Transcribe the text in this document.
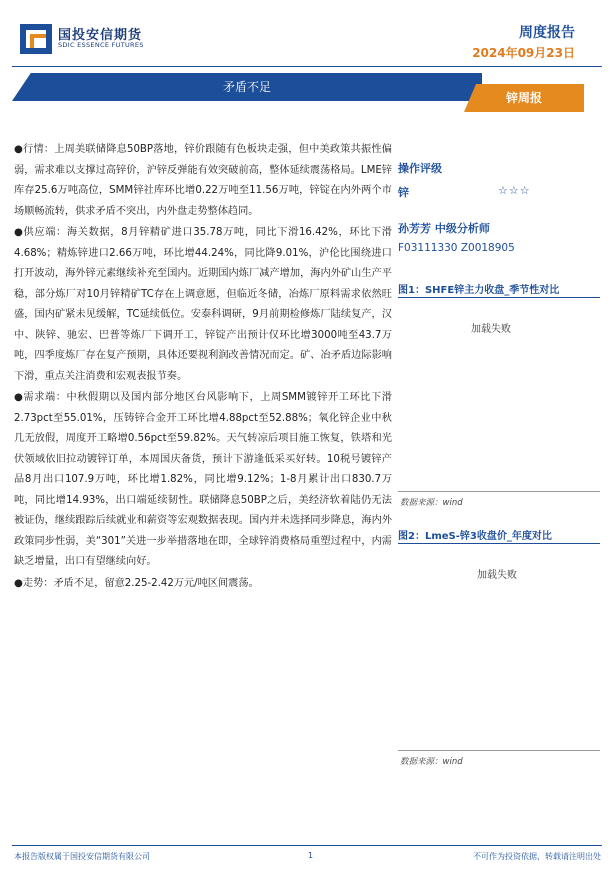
国投安信期货
SDIC ESSENCE FUTURES
周度报告
2024年09月23日
矛盾不足
锌周报

●行情：上周美联储降息50BP落地，锌价跟随有色板块走强，但中美政策共振性偏弱，需求难以支撑过高锌价，沪锌反弹能有效突破前高，整体延续震荡格局。LME锌库存25.6万吨高位，SMM锌社库环比增0.22万吨至11.56万吨，锌锭在内外两个市场顺畅流转，供求矛盾不突出，内外盘走势整体趋同。

●供应端：海关数据，8月锌精矿进口35.78万吨，同比下滑16.42%，环比下滑4.68%；精炼锌进口2.66万吨，环比增44.24%，同比降9.01%，沪伦比围绕进口打开波动，海外锌元素继续补充至国内。近期国内炼厂减产增加，海内外矿山生产平稳，部分炼厂对10月锌精矿TC存在上调意愿，但临近冬储，冶炼厂原料需求依然旺盛，国内矿紧未见缓解，TC延续低位。安泰科调研，9月前期检修炼厂陆续复产，汉中、陕锌、驰宏、巴普等炼厂下调开工，锌锭产出预计仅环比增3000吨至43.7万吨，四季度炼厂存在复产预期，具体还要视利润改善情况而定。矿、冶矛盾边际影响下滑，重点关注消费和宏观表报节奏。

●需求端：中秋假期以及国内部分地区台风影响下，上周SMM镀锌开工环比下滑2.73pct至55.01%，压铸锌合金开工环比增4.88pct至52.88%；氧化锌企业中秋几无放假，周度开工略增0.56pct至59.82%。天气转凉后项目施工恢复，铁塔和光伏领域依旧拉动镀锌订单，本周国庆备货，预计下游逢低采买好转。10税号镀锌产品8月出口107.9万吨，环比增1.82%，同比增9.12%；1-8月累计出口830.7万吨，同比增14.93%，出口端延续韧性。联储降息50BP之后，美经济软着陆仍无法被证伪，继续跟踪后续就业和薪资等宏观数据表现。国内并未选择同步降息，海内外政策同步性弱，美“301”关进一步举措落地在即，全球锌消费格局重塑过程中，内需缺乏增量，出口有望继续向好。

●走势：矛盾不足，留意2.25-2.42万元/吨区间震荡。

操作评级
锌	☆☆☆
孙芳芳 中级分析师
F03111330 Z0018905
图1：SHFE锌主力收盘_季节性对比
加载失败
数据来源：wind
图2：LmeS-锌3收盘价_年度对比
加载失败
数据来源：wind
本报告版权属于国投安信期货有限公司	1	不可作为投资依据，转载请注明出处
